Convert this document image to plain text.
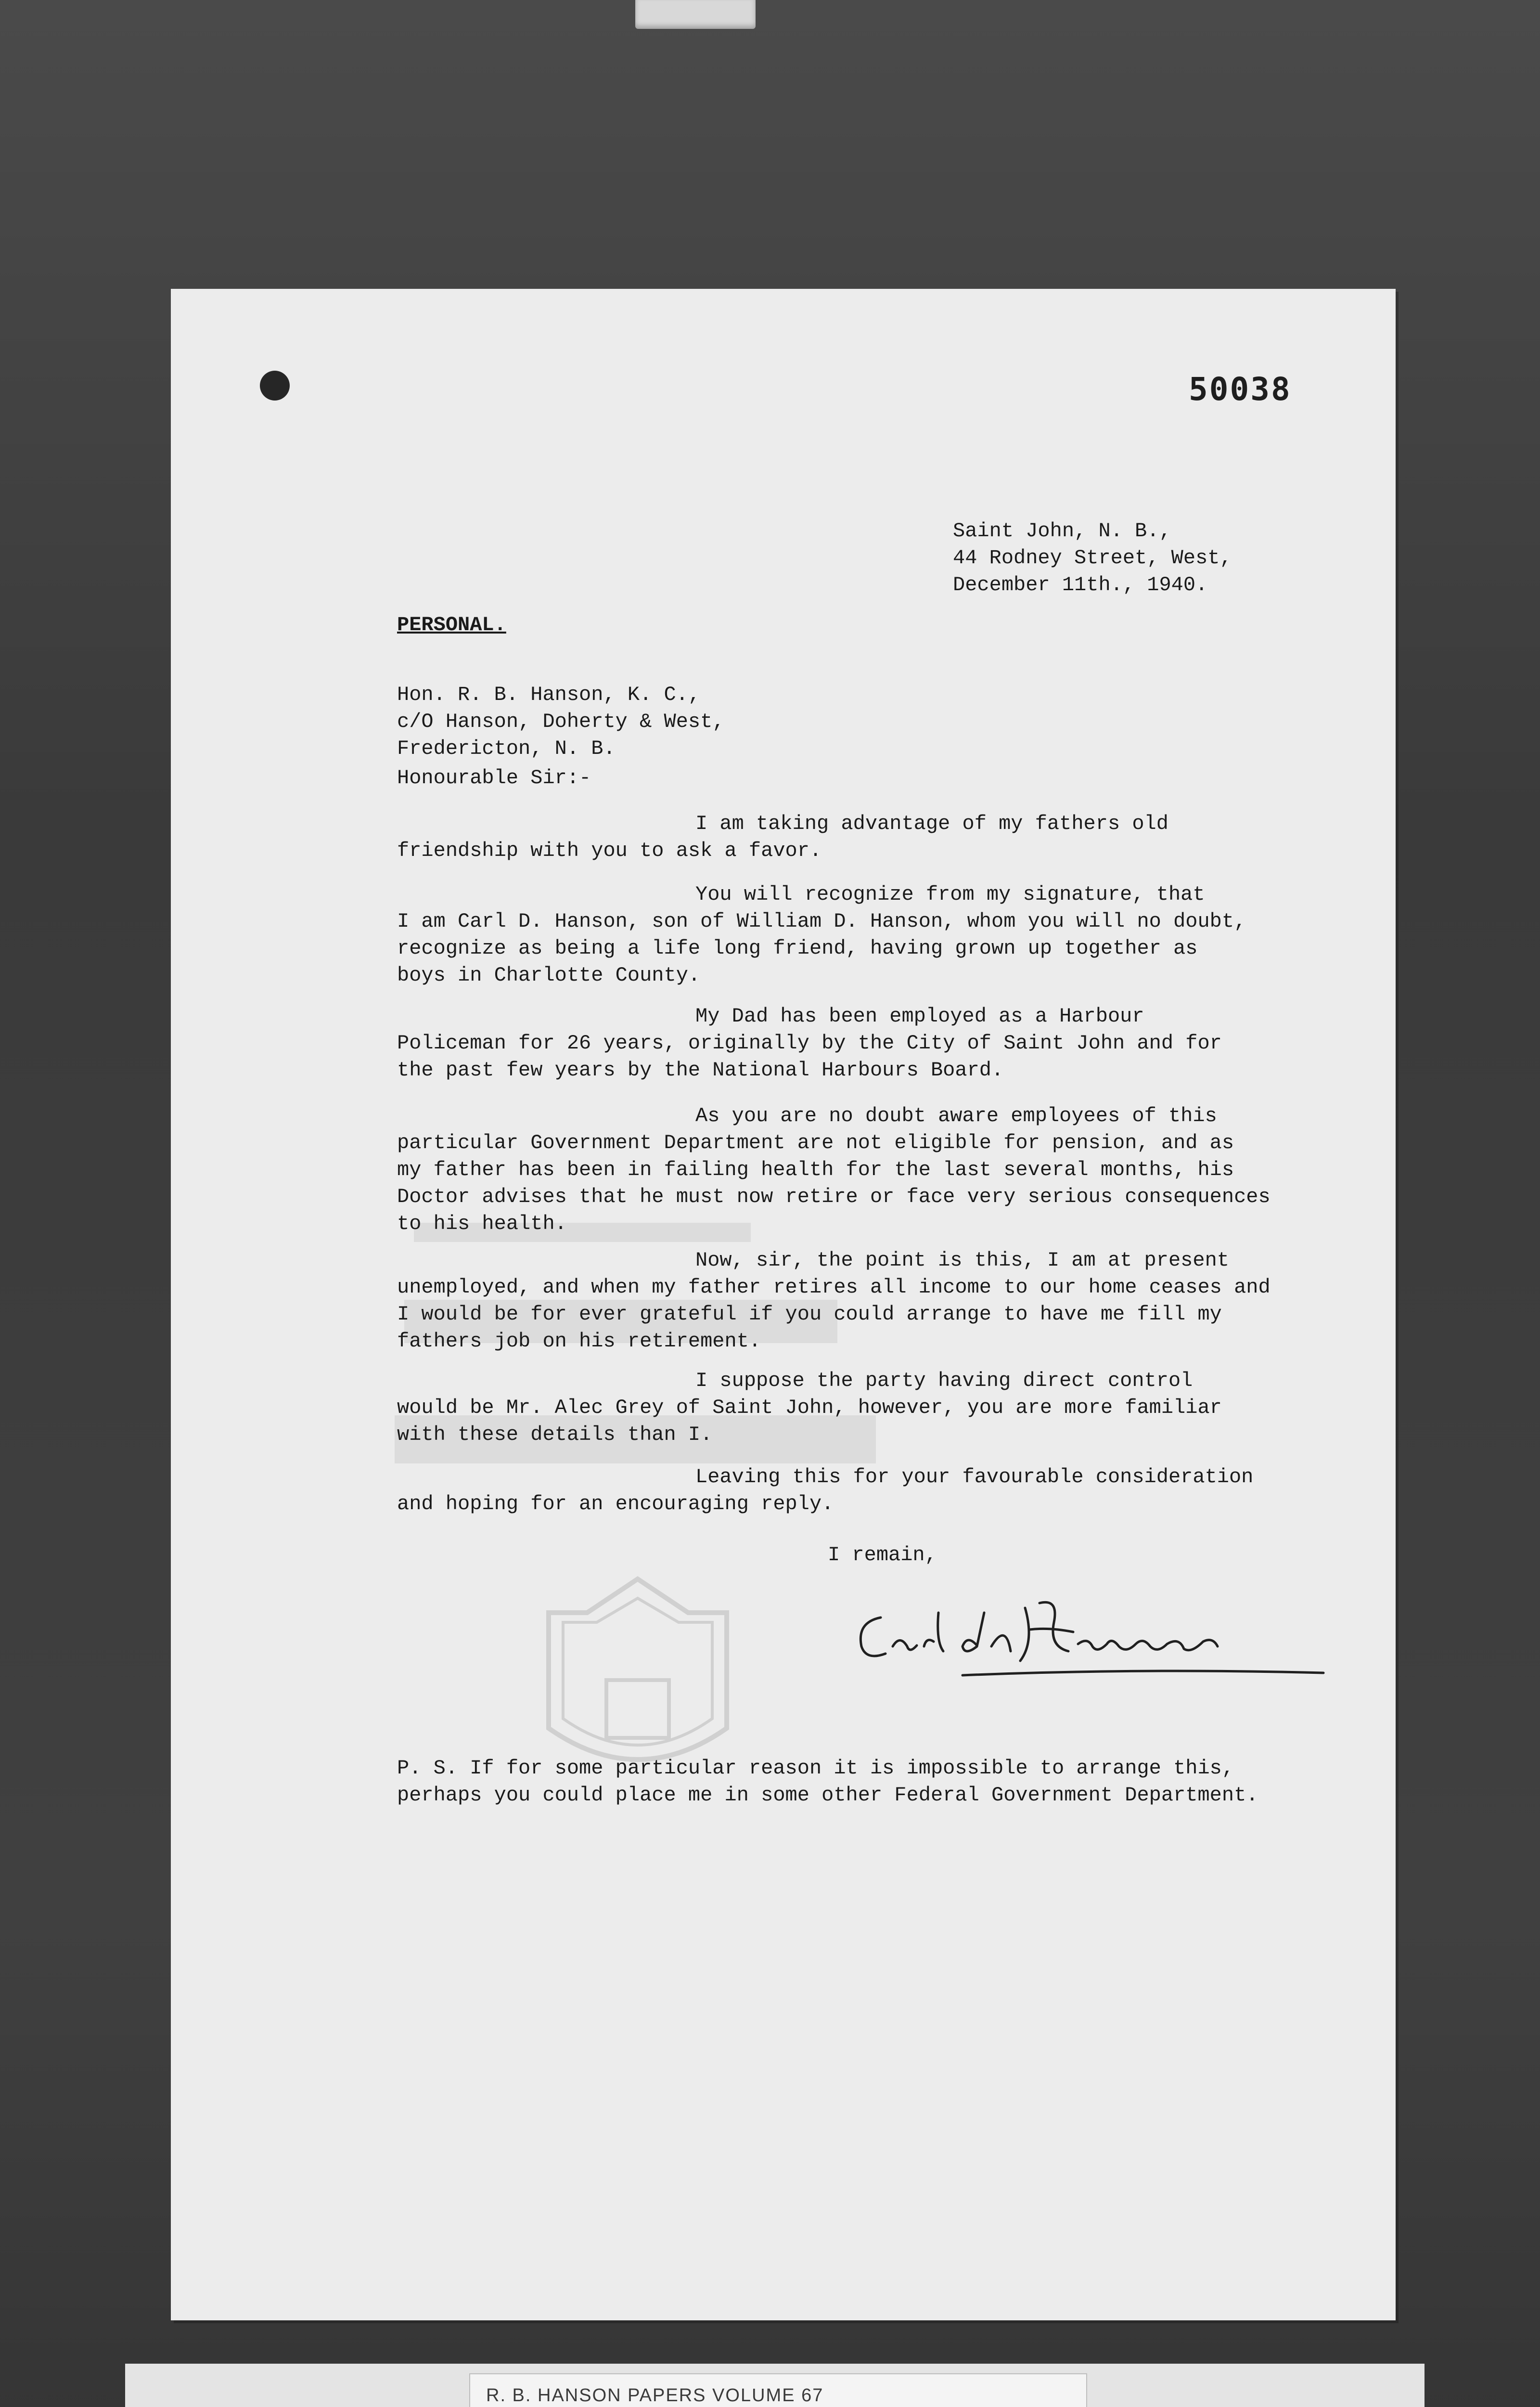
50038
Saint John, N. B.,
44 Rodney Street, West,
December 11th., 1940.
PERSONAL.
Hon. R. B. Hanson, K. C.,
c/O Hanson, Doherty & West,
Fredericton, N. B.
Honourable Sir:-
I am taking advantage of my fathers old
friendship with you to ask a favor.
You will recognize from my signature, that
I am Carl D. Hanson, son of William D. Hanson, whom you will no doubt,
recognize as being a life long friend, having grown up together as
boys in Charlotte County.
My Dad has been employed as a Harbour
Policeman for 26 years, originally by the City of Saint John and for
the past few years by the National Harbours Board.
As you are no doubt aware employees of this
particular Government Department are not eligible for pension, and as
my father has been in failing health for the last several months, his
Doctor advises that he must now retire or face very serious consequences
to his health.
Now, sir, the point is this, I am at present
unemployed, and when my father retires all income to our home ceases and
I would be for ever grateful if you could arrange to have me fill my
fathers job on his retirement.
I suppose the party having direct control
would be Mr. Alec Grey of Saint John, however, you are more familiar
with these details than I.
Leaving this for your favourable consideration
and hoping for an encouraging reply.
I remain,
P. S. If for some particular reason it is impossible to arrange this,
perhaps you could place me in some other Federal Government Department.
R. B. HANSON PAPERS VOLUME 67
